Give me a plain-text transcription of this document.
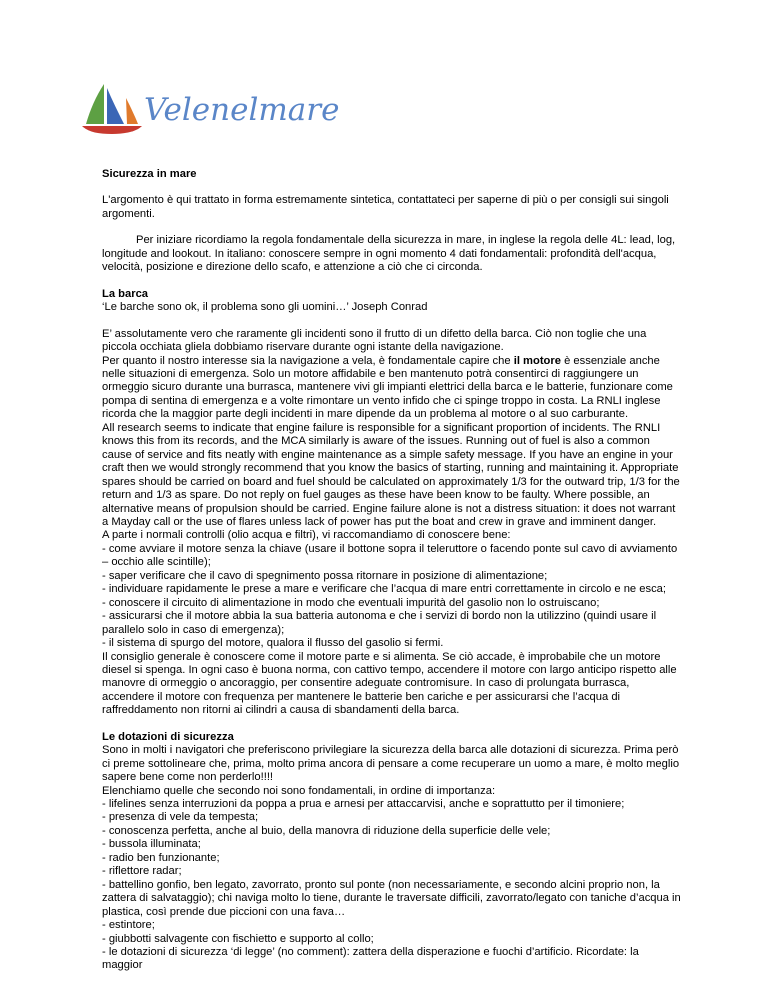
Velenelmare

Sicurezza in mare

L'argomento è qui trattato in forma estremamente sintetica, contattateci per saperne di più o per consigli sui singoli argomenti.

Per iniziare ricordiamo la regola fondamentale della sicurezza in mare, in inglese la regola delle 4L: lead, log, longitude and lookout. In italiano: conoscere sempre in ogni momento 4 dati fondamentali: profondità dell'acqua, velocità, posizione e direzione dello scafo, e attenzione a ciò che ci circonda.

La barca

‘Le barche sono ok, il problema sono gli uomini…’ Joseph Conrad

E’ assolutamente vero che raramente gli incidenti sono il frutto di un difetto della barca. Ciò non toglie che una piccola occhiata gliela dobbiamo riservare durante ogni istante della navigazione.

Per quanto il nostro interesse sia la navigazione a vela, è fondamentale capire che il motore è essenziale anche nelle situazioni di emergenza. Solo un motore affidabile e ben mantenuto potrà consentirci di raggiungere un ormeggio sicuro durante una burrasca, mantenere vivi gli impianti elettrici della barca e le batterie, funzionare come pompa di sentina di emergenza e a volte rimontare un vento infido che ci spinge troppo in costa. La RNLI inglese ricorda che la maggior parte degli incidenti in mare dipende da un problema al motore o al suo carburante.

All research seems to indicate that engine failure is responsible for a significant proportion of incidents. The RNLI knows this from its records, and the MCA similarly is aware of the issues. Running out of fuel is also a common cause of service and fits neatly with engine maintenance as a simple safety message. If you have an engine in your craft then we would strongly recommend that you know the basics of starting, running and maintaining it. Appropriate spares should be carried on board and fuel should be calculated on approximately 1/3 for the outward trip, 1/3 for the return and 1/3 as spare. Do not reply on fuel gauges as these have been know to be faulty. Where possible, an alternative means of propulsion should be carried. Engine failure alone is not a distress situation: it does not warrant a Mayday call or the use of flares unless lack of power has put the boat and crew in grave and imminent danger.

A parte i normali controlli (olio acqua e filtri), vi raccomandiamo di conoscere bene:

- come avviare il motore senza la chiave (usare il bottone sopra il teleruttore o facendo ponte sul cavo di avviamento – occhio alle scintille);

- saper verificare che il cavo di spegnimento possa ritornare in posizione di alimentazione;

- individuare rapidamente le prese a mare e verificare che l’acqua di mare entri correttamente in circolo e ne esca;

- conoscere il circuito di alimentazione in modo che eventuali impurità del gasolio non lo ostruiscano;

- assicurarsi che il motore abbia la sua batteria autonoma e che i servizi di bordo non la utilizzino (quindi usare il parallelo solo in caso di emergenza);

- il sistema di spurgo del motore, qualora il flusso del gasolio si fermi.

Il consiglio generale è conoscere come il motore parte e si alimenta. Se ciò accade, è improbabile che un motore diesel si spenga. In ogni caso è buona norma, con cattivo tempo, accendere il motore con largo anticipo rispetto alle manovre di ormeggio o ancoraggio, per consentire adeguate contromisure. In caso di prolungata burrasca, accendere il motore con frequenza per mantenere le batterie ben cariche e per assicurarsi che l’acqua di raffreddamento non ritorni ai cilindri a causa di sbandamenti della barca.

Le dotazioni di sicurezza

Sono in molti i navigatori che preferiscono privilegiare la sicurezza della barca alle dotazioni di sicurezza. Prima però ci preme sottolineare che, prima, molto prima ancora di pensare a come recuperare un uomo a mare, è molto meglio sapere bene come non perderlo!!!!

Elenchiamo quelle che secondo noi sono fondamentali, in ordine di importanza:

- lifelines senza interruzioni da poppa a prua e arnesi per attaccarvisi, anche e soprattutto per il timoniere;

- presenza di vele da tempesta;

- conoscenza perfetta, anche al buio, della manovra di riduzione della superficie delle vele;

- bussola illuminata;

- radio ben funzionante;

- riflettore radar;

- battellino gonfio, ben legato, zavorrato, pronto sul ponte (non necessariamente, e secondo alcini proprio non, la zattera di salvataggio); chi naviga molto lo tiene, durante le traversate difficili, zavorrato/legato con taniche d’acqua in plastica, così prende due piccioni con una fava…

- estintore;

- giubbotti salvagente con fischietto e supporto al collo;

- le dotazioni di sicurezza ‘di legge’ (no comment): zattera della disperazione e fuochi d’artificio. Ricordate: la maggior
